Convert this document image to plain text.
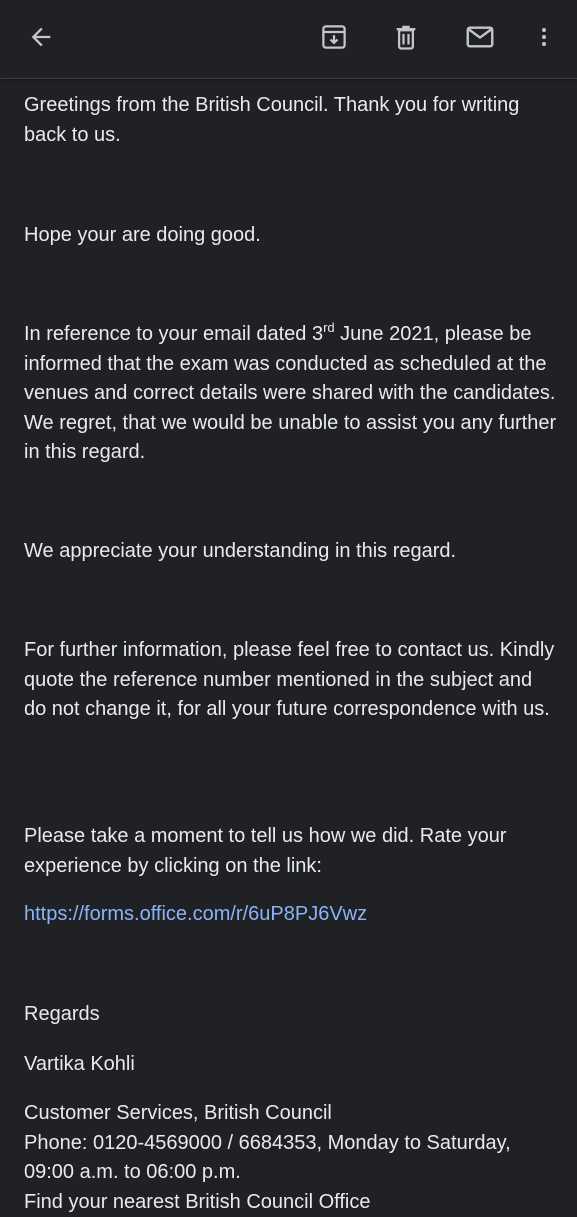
Greetings from the British Council. Thank you for writing back to us.

Hope your are doing good.

In reference to your email dated 3rd June 2021, please be informed that the exam was conducted as scheduled at the venues and correct details were shared with the candidates. We regret, that we would be unable to assist you any further in this regard.

We appreciate your understanding in this regard.

For further information, please feel free to contact us. Kindly quote the reference number mentioned in the subject and do not change it, for all your future correspondence with us.

Please take a moment to tell us how we did. Rate your experience by clicking on the link:

https://forms.office.com/r/6uP8PJ6Vwz

Regards

Vartika Kohli

Customer Services, British Council
Phone: 0120-4569000 / 6684353, Monday to Saturday, 09:00 a.m. to 06:00 p.m.
Find your nearest British Council Office
